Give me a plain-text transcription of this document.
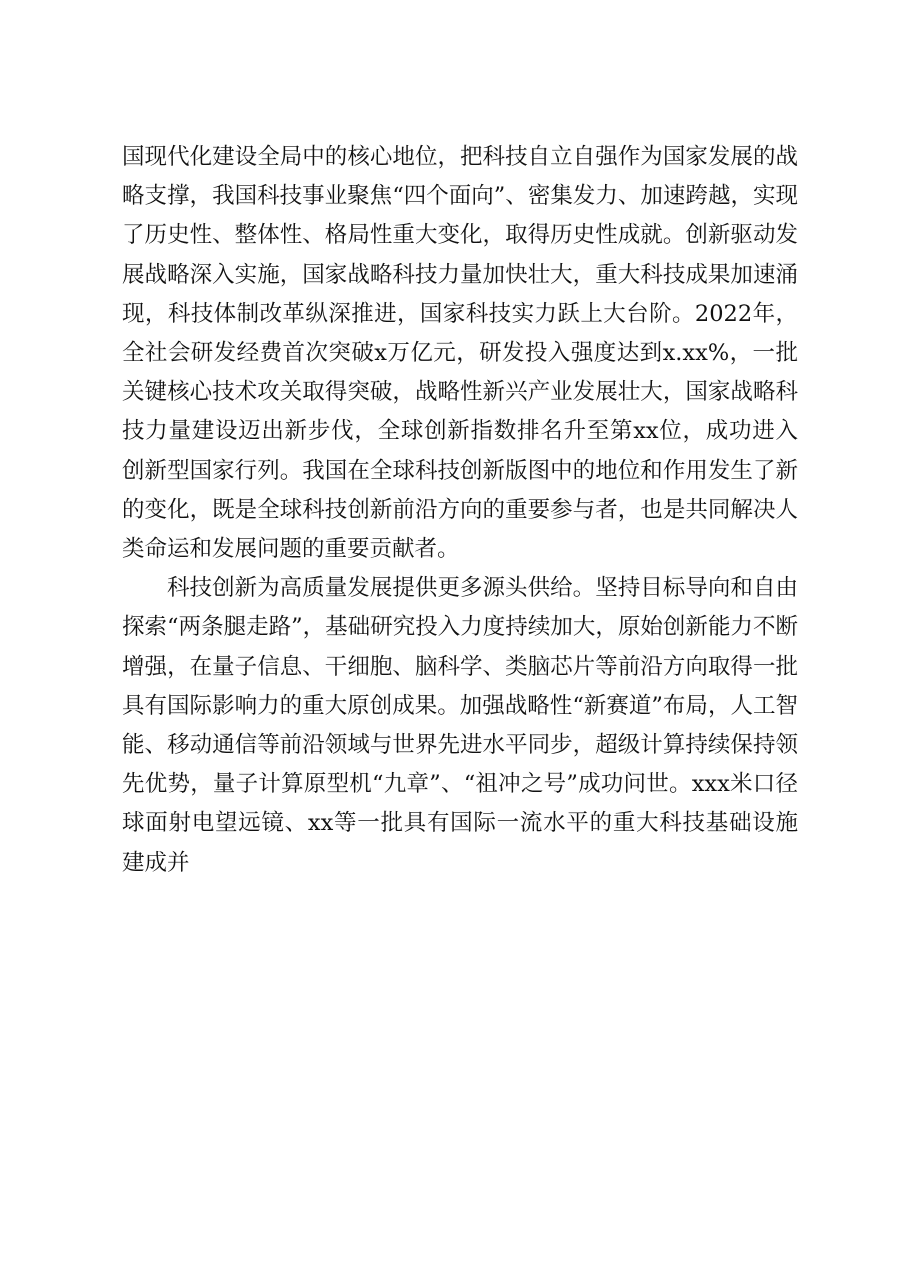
国现代化建设全局中的核心地位，把科技自立自强作为国家发展的战略支撑，我国科技事业聚焦“四个面向”、密集发力、加速跨越，实现了历史性、整体性、格局性重大变化，取得历史性成就。创新驱动发展战略深入实施，国家战略科技力量加快壮大，重大科技成果加速涌现，科技体制改革纵深推进，国家科技实力跃上大台阶。2022年，全社会研发经费首次突破x万亿元，研发投入强度达到x.xx%，一批关键核心技术攻关取得突破，战略性新兴产业发展壮大，国家战略科技力量建设迈出新步伐，全球创新指数排名升至第xx位，成功进入创新型国家行列。我国在全球科技创新版图中的地位和作用发生了新的变化，既是全球科技创新前沿方向的重要参与者，也是共同解决人类命运和发展问题的重要贡献者。

科技创新为高质量发展提供更多源头供给。坚持目标导向和自由探索“两条腿走路”，基础研究投入力度持续加大，原始创新能力不断增强，在量子信息、干细胞、脑科学、类脑芯片等前沿方向取得一批具有国际影响力的重大原创成果。加强战略性“新赛道”布局，人工智能、移动通信等前沿领域与世界先进水平同步，超级计算持续保持领先优势，量子计算原型机“九章”、“祖冲之号”成功问世。xxx米口径球面射电望远镜、xx等一批具有国际一流水平的重大科技基础设施建成并
